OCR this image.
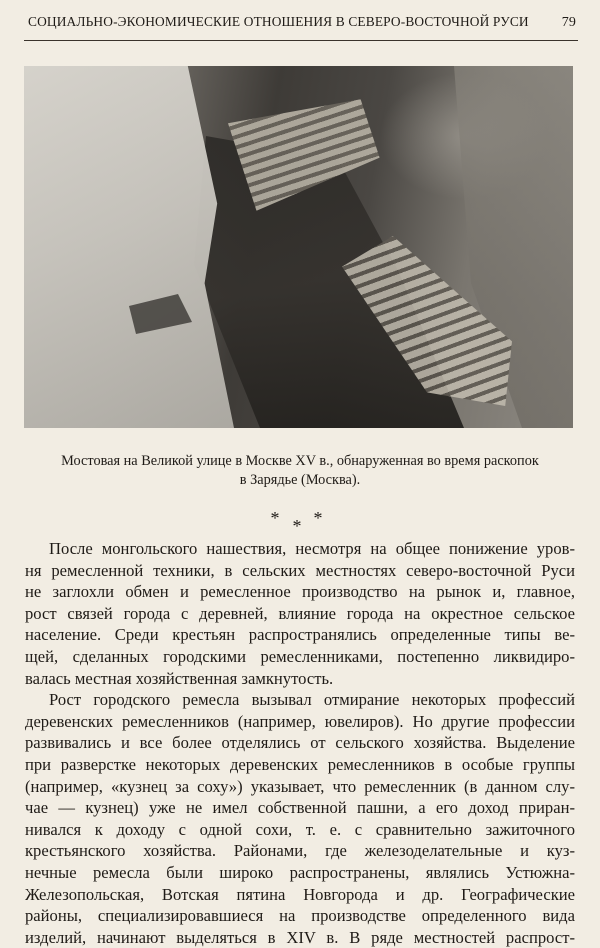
СОЦИАЛЬНО-ЭКОНОМИЧЕСКИЕ ОТНОШЕНИЯ В СЕВЕРО-ВОСТОЧНОЙ РУСИ 79
Мостовая на Великой улице в Москве XV в., обнаруженная во время раскопок
в Зарядье (Москва).
* *
*

После монгольского нашествия, несмотря на общее понижение уров-
ня ремесленной техники, в сельских местностях северо-восточной Руси
не заглохли обмен и ремесленное производство на рынок и, главное,
рост связей города с деревней, влияние города на окрестное сельское
население. Среди крестьян распространялись определенные типы ве-
щей, сделанных городскими ремесленниками, постепенно ликвидиро-
валась местная хозяйственная замкнутость.

Рост городского ремесла вызывал отмирание некоторых профессий
деревенских ремесленников (например, ювелиров). Но другие профессии
развивались и все более отделялись от сельского хозяйства. Выделение
при разверстке некоторых деревенских ремесленников в особые группы
(например, «кузнец за соху») указывает, что ремесленник (в данном слу-
чае — кузнец) уже не имел собственной пашни, а его доход приран-
нивался к доходу с одной сохи, т. е. с сравнительно зажиточного
крестьянского хозяйства. Районами, где железоделательные и куз-
нечные ремесла были широко распространены, являлись Устюжна-
Железопольская, Вотская пятина Новгорода и др. Географические
районы, специализировавшиеся на производстве определенного вида
изделий, начинают выделяться в XIV в. В ряде местностей распрост-
